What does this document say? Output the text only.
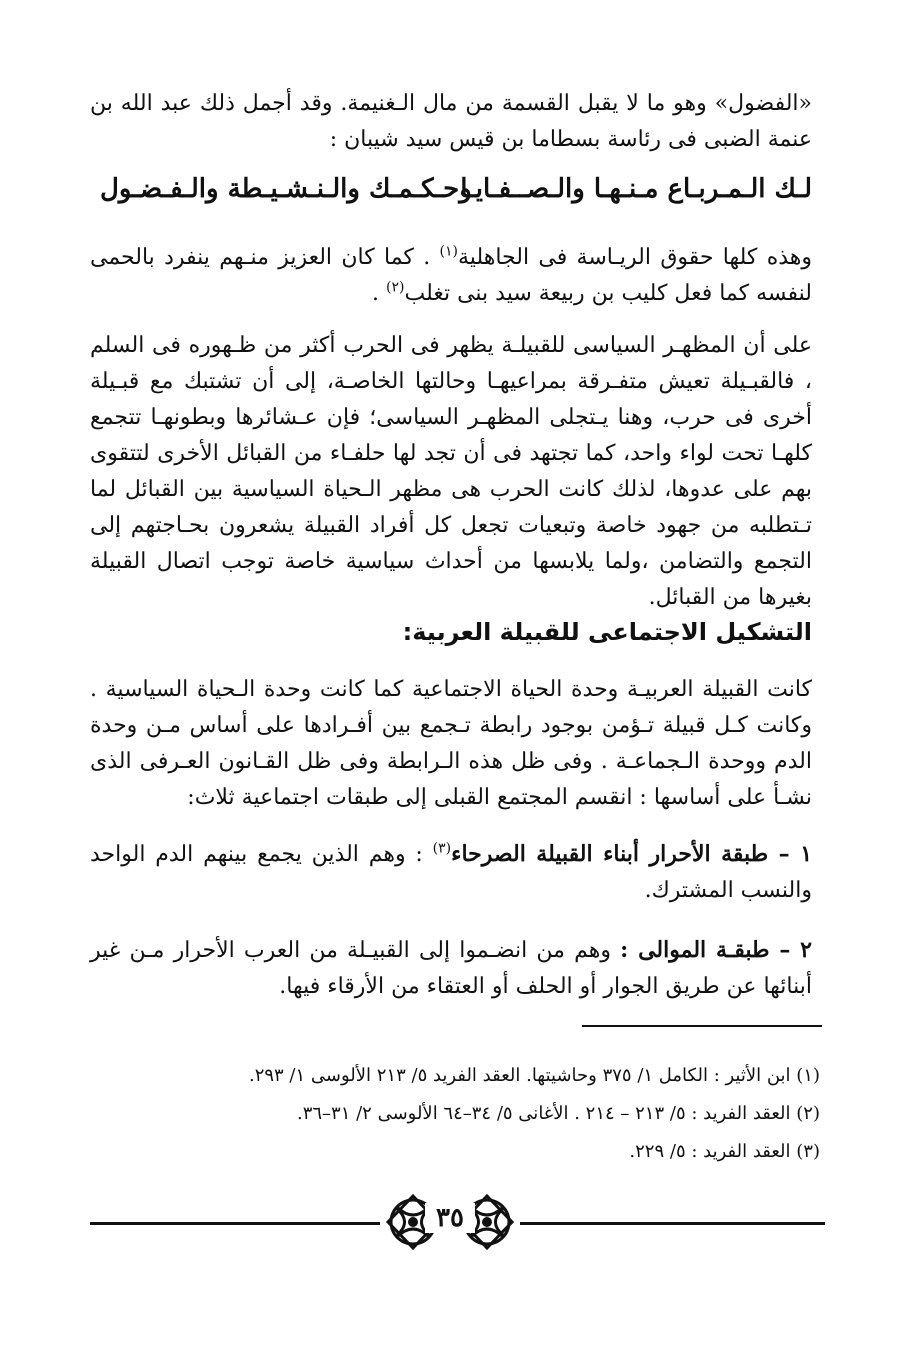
«الفضول» وهو ما لا يقبل القسمة من مال الـغنيمة. وقد أجمل ذلك عبد الله بن عنمة الضبى فى رئاسة بسطاما بن قيس سيد شيبان :

لـك الـمـربـاع مـنـهـا والـصــفـايـا
وحـكـمـك والـنـشـيـطة والـفـضـول

وهذه كلها حقوق الريـاسة فى الجاهلية$^{(١)}$ . كما كان العزيز منـهم ينفرد بالحمى لنفسه كما فعل كليب بن ربيعة سيد بنى تغلب$^{(٢)}$ .

على أن المظهـر السياسى للقبيلـة يظهر فى الحرب أكثر من ظـهوره فى السلم ، فالقبـيلة تعيش متفـرقة بمراعيهـا وحالتها الخاصـة، إلى أن تشتبك مع قبـيلة أخرى فى حرب، وهنا يـتجلى المظهـر السياسى؛ فإن عـشائرها وبطونهـا تتجمع كلهـا تحت لواء واحد، كما تجتهد فى أن تجد لها حلفـاء من القبائل الأخرى لتتقوى بهم على عدوها، لذلك كانت الحرب هى مظهر الـحياة السياسية بين القبائل لما تـتطلبه من جهود خاصة وتبعيات تجعل كل أفراد القبيلة يشعرون بحـاجتهم إلى التجمع والتضامن ،ولما يلابسها من أحداث سياسية خاصة توجب اتصال القبيلة بغيرها من القبائل.

التشكيل الاجتماعى للقبيلة العربية:

كانت القبيلة العربيـة وحدة الحياة الاجتماعية كما كانت وحدة الـحياة السياسية . وكانت كـل قبيلة تـؤمن بوجود رابطة تـجمع بين أفـرادها على أساس مـن وحدة الدم ووحدة الـجماعـة . وفى ظل هذه الـرابطة وفى ظل القـانون العـرفى الذى نشـأ على أساسها : انقسم المجتمع القبلى إلى طبقات اجتماعية ثلاث:

١ – طبقة الأحرار أبناء القبيلة الصرحاء$^{(٣)}$ : وهم الذين يجمع بينهم الدم الواحد والنسب المشترك.

٢ – طبقـة الموالى : وهم من انضـموا إلى القبيـلة من العرب الأحرار مـن غير أبنائها عن طريق الجوار أو الحلف أو العتقاء من الأرقاء فيها.

(١) ابن الأثير : الكامل ١/ ٣٧٥ وحاشيتها. العقد الفريد ٥/ ٢١٣ الألوسى ١/ ٢٩٣.
(٢) العقد الفريد : ٥/ ٢١٣ – ٢١٤ . الأغانى ٥/ ٣٤–٦٤ الألوسى ٢/ ٣١–٣٦.
(٣) العقد الفريد : ٥/ ٢٢٩.
٣٥
